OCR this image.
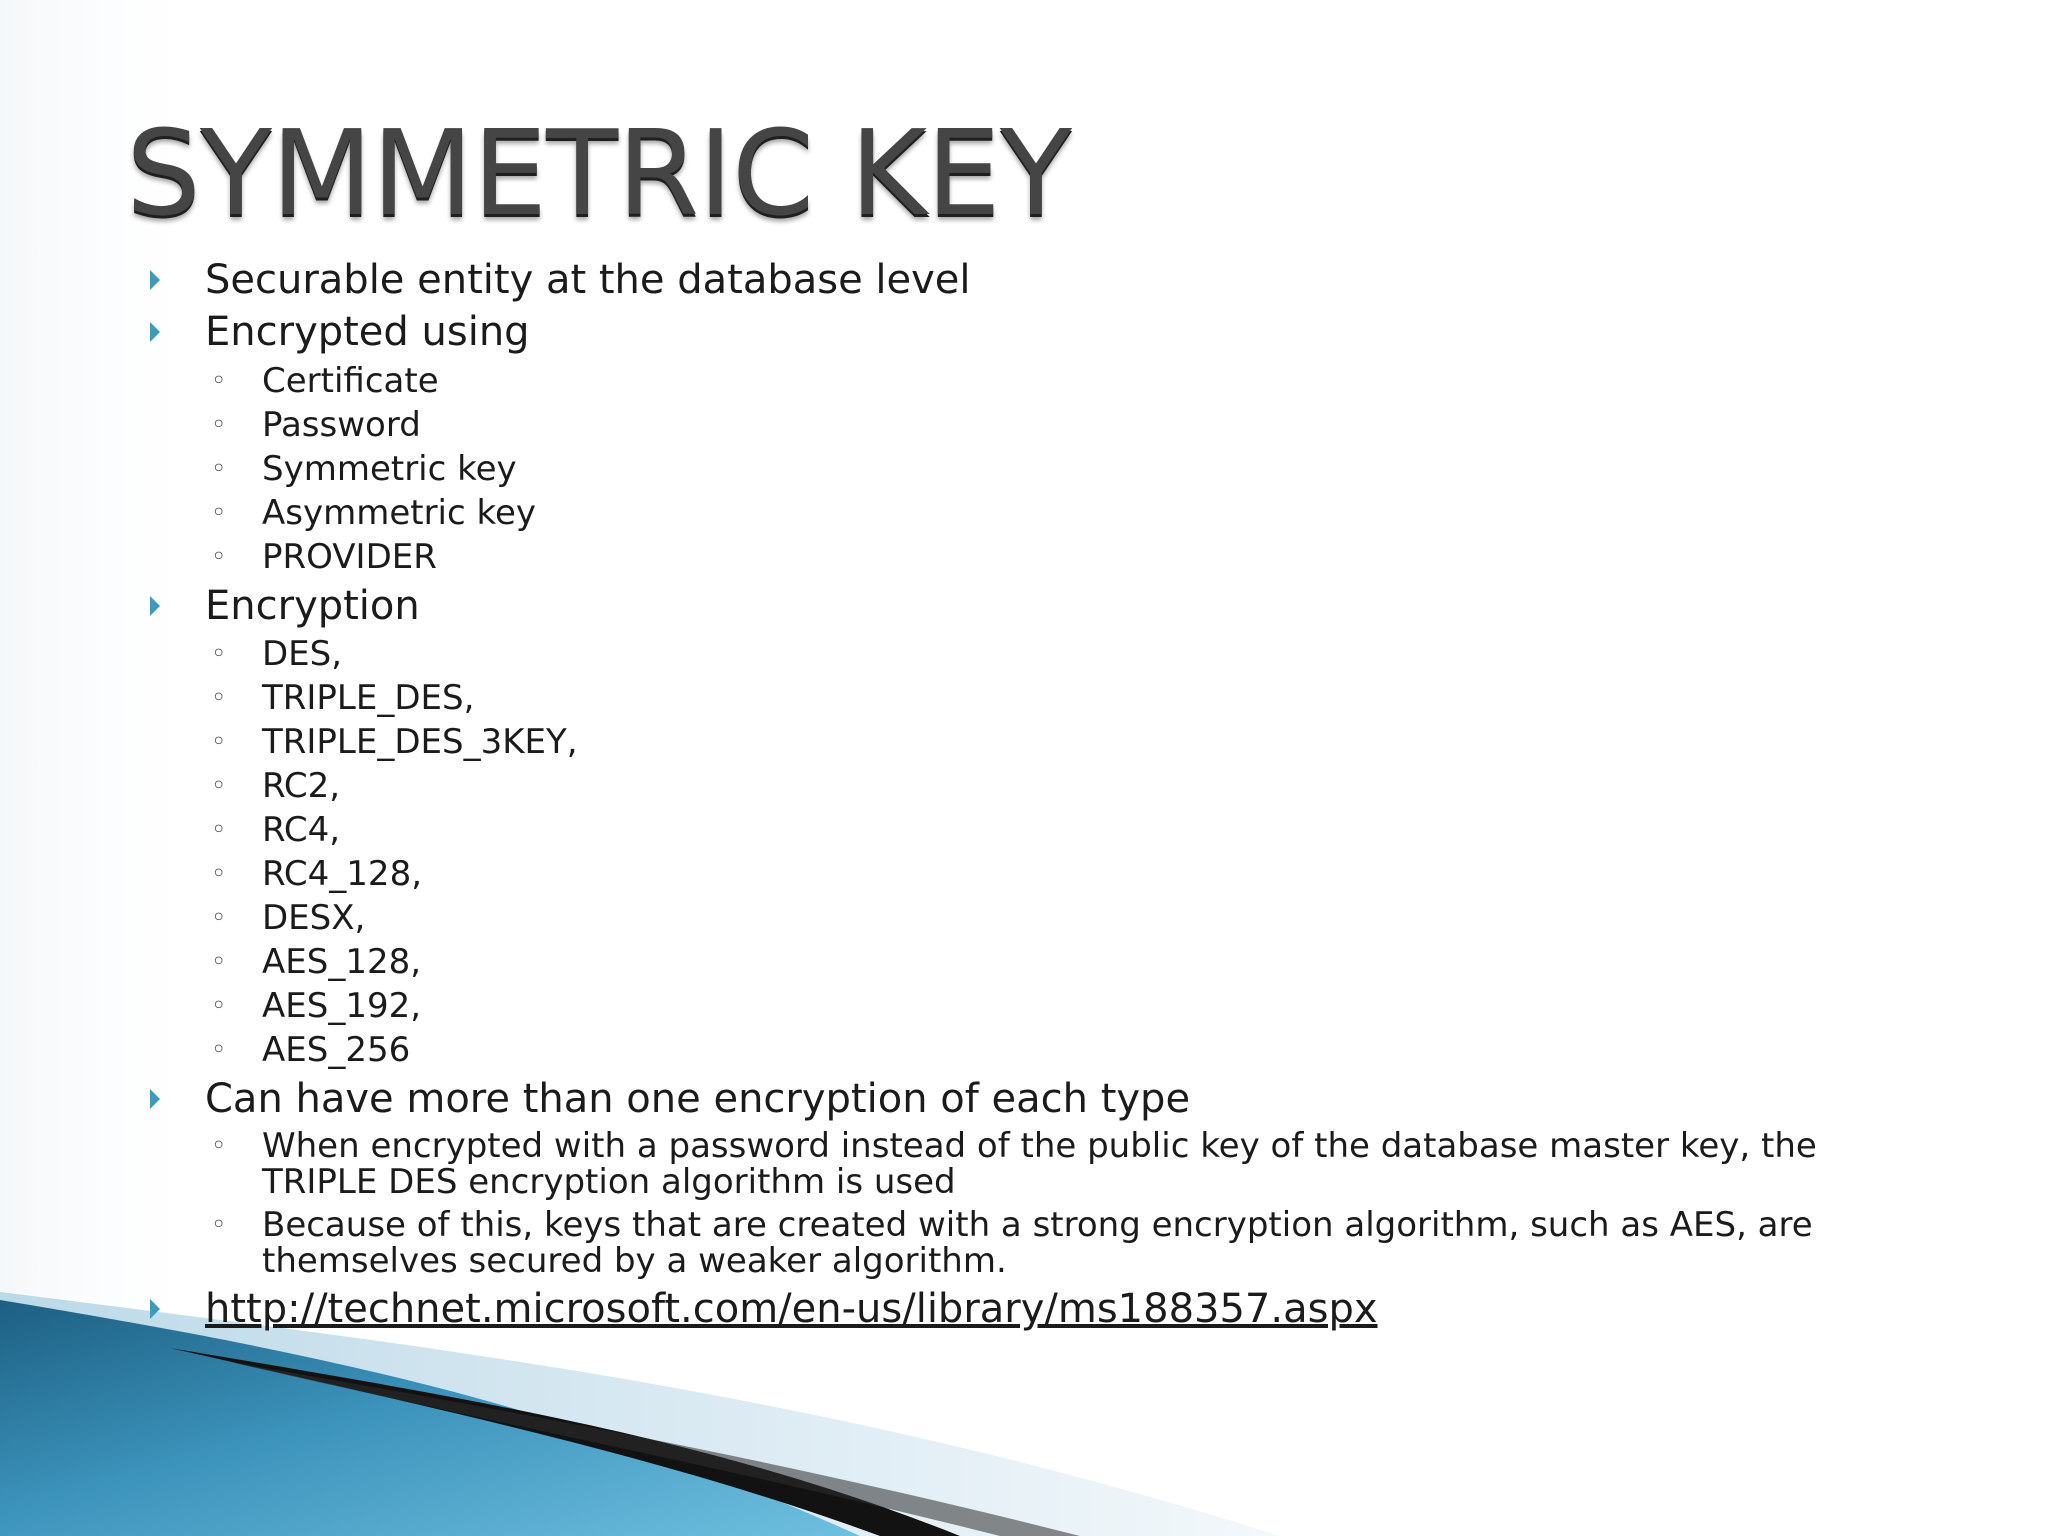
SYMMETRIC KEY
Securable entity at the database level
Encrypted using
◦ Certificate
◦ Password
◦ Symmetric key
◦ Asymmetric key
◦ PROVIDER
Encryption
◦ DES,
◦ TRIPLE_DES,
◦ TRIPLE_DES_3KEY,
◦ RC2,
◦ RC4,
◦ RC4_128,
◦ DESX,
◦ AES_128,
◦ AES_192,
◦ AES_256
Can have more than one encryption of each type
◦ When encrypted with a password instead of the public key of the database master key, the TRIPLE DES encryption algorithm is used
◦ Because of this, keys that are created with a strong encryption algorithm, such as AES, are themselves secured by a weaker algorithm.
http://technet.microsoft.com/en-us/library/ms188357.aspx
